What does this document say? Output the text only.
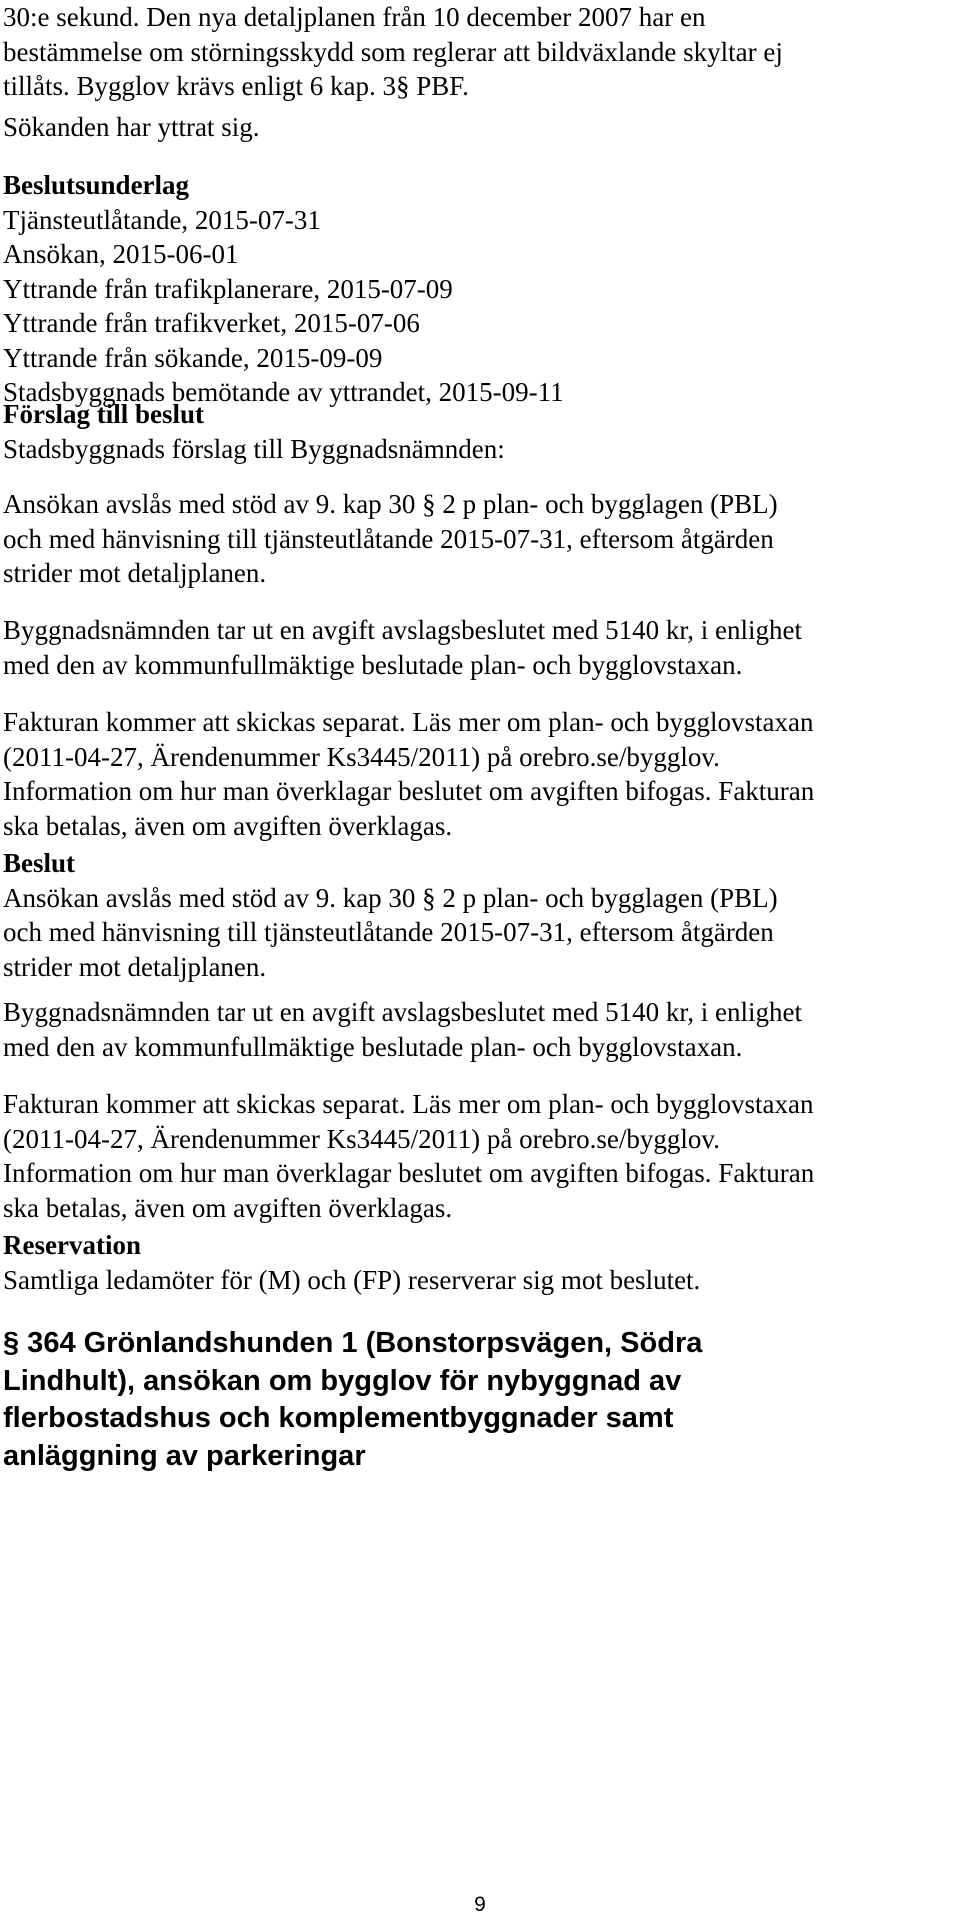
30:e sekund. Den nya detaljplanen från 10 december 2007 har en
bestämmelse om störningsskydd som reglerar att bildväxlande skyltar ej
tillåts. Bygglov krävs enligt 6 kap. 3§ PBF.
Sökanden har yttrat sig.
Beslutsunderlag
Tjänsteutlåtande, 2015-07-31
Ansökan, 2015-06-01
Yttrande från trafikplanerare, 2015-07-09
Yttrande från trafikverket, 2015-07-06
Yttrande från sökande, 2015-09-09
Stadsbyggnads bemötande av yttrandet, 2015-09-11
Förslag till beslut
Stadsbyggnads förslag till Byggnadsnämnden:
Ansökan avslås med stöd av 9. kap 30 § 2 p plan- och bygglagen (PBL)
och med hänvisning till tjänsteutlåtande 2015-07-31, eftersom åtgärden
strider mot detaljplanen.
Byggnadsnämnden tar ut en avgift avslagsbeslutet med 5140 kr, i enlighet
med den av kommunfullmäktige beslutade plan- och bygglovstaxan.
Fakturan kommer att skickas separat. Läs mer om plan- och bygglovstaxan
(2011-04-27, Ärendenummer Ks3445/2011) på orebro.se/bygglov.
Information om hur man överklagar beslutet om avgiften bifogas. Fakturan
ska betalas, även om avgiften överklagas.
Beslut
Ansökan avslås med stöd av 9. kap 30 § 2 p plan- och bygglagen (PBL)
och med hänvisning till tjänsteutlåtande 2015-07-31, eftersom åtgärden
strider mot detaljplanen.
Byggnadsnämnden tar ut en avgift avslagsbeslutet med 5140 kr, i enlighet
med den av kommunfullmäktige beslutade plan- och bygglovstaxan.
Fakturan kommer att skickas separat. Läs mer om plan- och bygglovstaxan
(2011-04-27, Ärendenummer Ks3445/2011) på orebro.se/bygglov.
Information om hur man överklagar beslutet om avgiften bifogas. Fakturan
ska betalas, även om avgiften överklagas.
Reservation
Samtliga ledamöter för (M) och (FP) reserverar sig mot beslutet.
§ 364 Grönlandshunden 1 (Bonstorpsvägen, Södra
Lindhult), ansökan om bygglov för nybyggnad av
flerbostadshus och komplementbyggnader samt
anläggning av parkeringar
9
